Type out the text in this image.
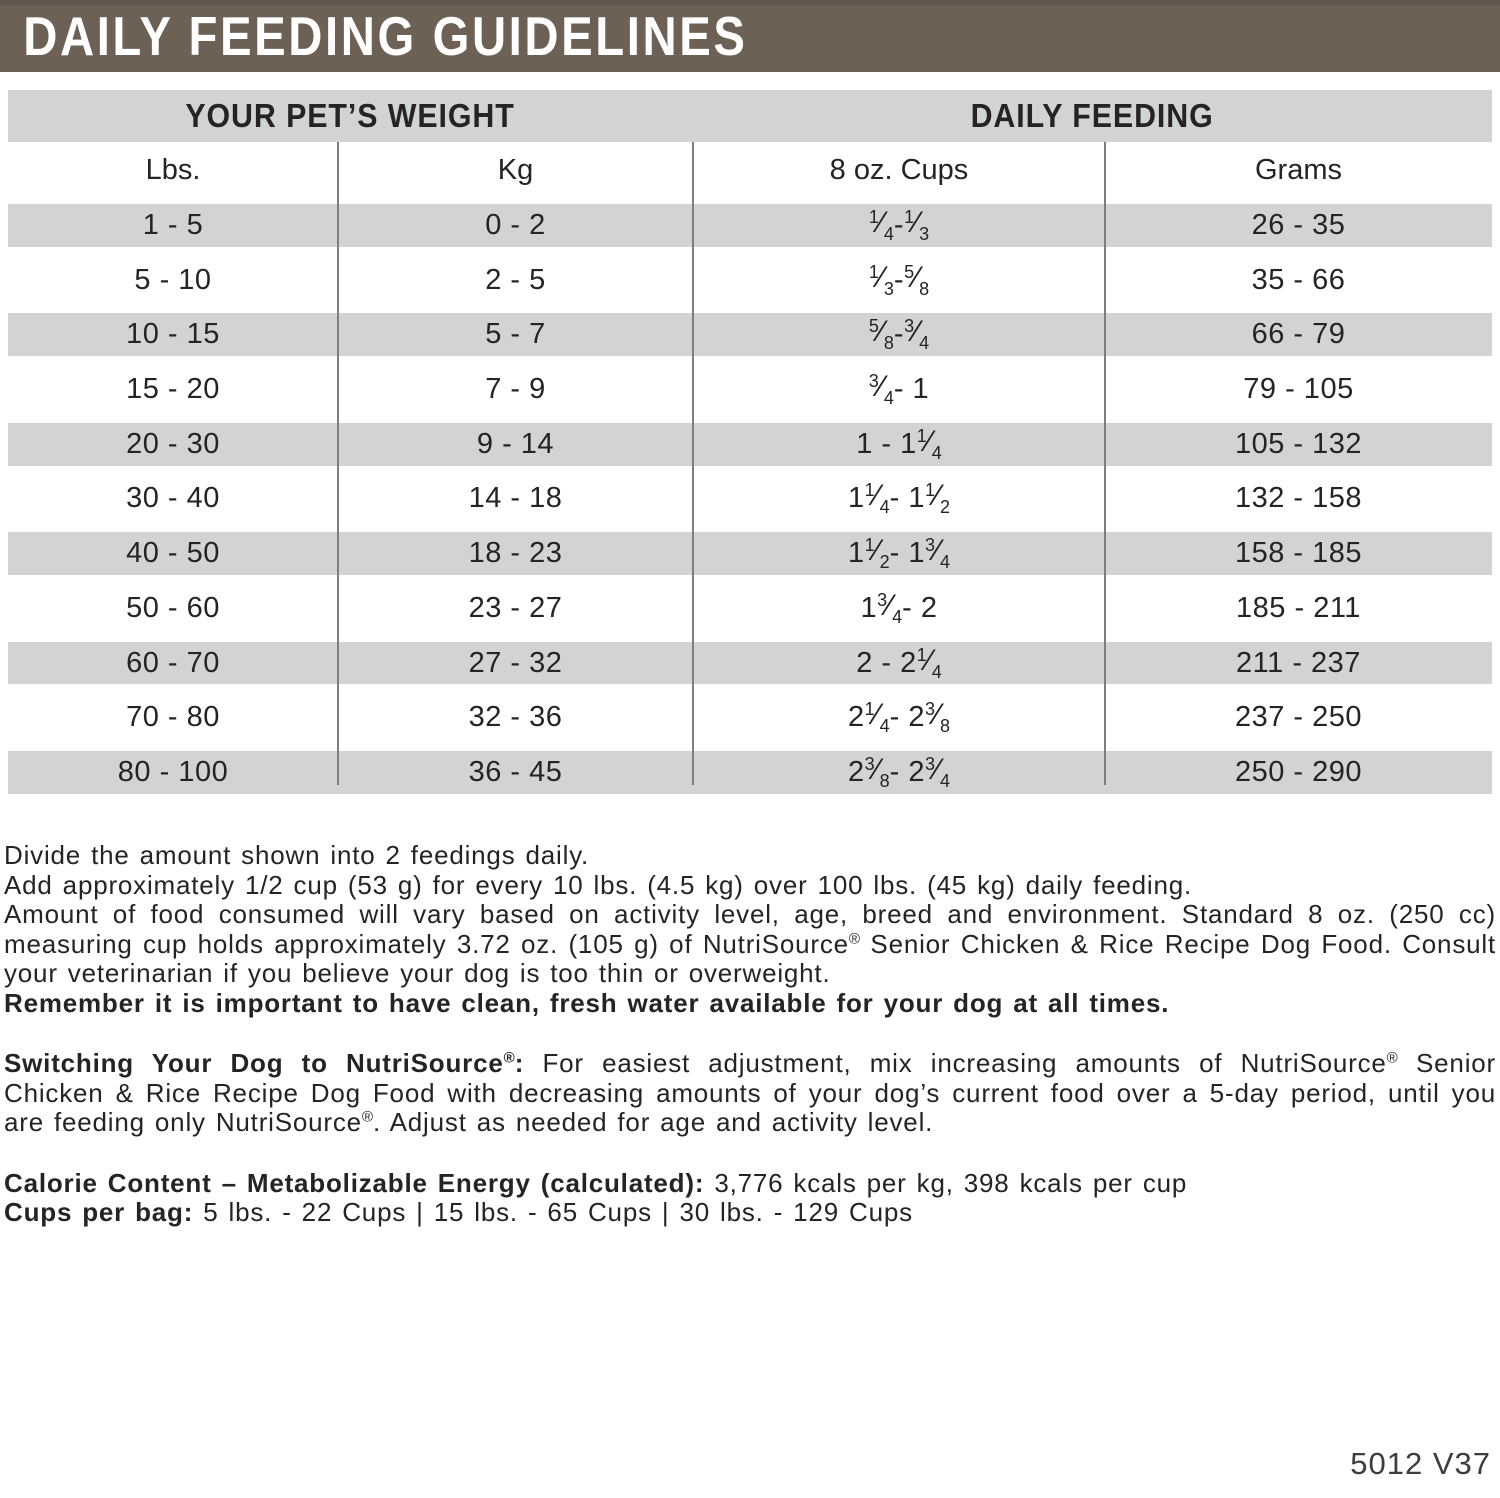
DAILY FEEDING GUIDELINES
YOUR PET’S WEIGHT	DAILY FEEDING
Lbs.	Kg	8 oz. Cups	Grams
1 - 5	0 - 2	$^1⁄_4$ - $^1⁄_3$	26 - 35
5 - 10	2 - 5	$^1⁄_3$ - $^5⁄_8$	35 - 66
10 - 15	5 - 7	$^5⁄_8$ - $^3⁄_4$	66 - 79
15 - 20	7 - 9	$^3⁄_4 - 1$	79 - 105
20 - 30	9 - 14	1 - 1 $^1⁄_4$	105 - 132
30 - 40	14 - 18	1 $^1⁄_4 - 1$ $^1⁄_2$	132 - 158
40 - 50	18 - 23	1 $^1⁄_2 - 1$ $^3⁄_4$	158 - 185
50 - 60	23 - 27	1 $^3⁄_4 - 2$	185 - 211
60 - 70	27 - 32	2 - 2 $^1⁄_4$	211 - 237
70 - 80	32 - 36	2 $^1⁄_4 - 2$ $^3⁄_8$	237 - 250
80 - 100	36 - 45	2 $^3⁄_8 - 2$ $^3⁄_4$	250 - 290

Divide the amount shown into 2 feedings daily.

Add approximately 1/2 cup (53 g) for every 10 lbs. (4.5 kg) over 100 lbs. (45 kg) daily feeding.

Amount of food consumed will vary based on activity level, age, breed and environment. Standard 8 oz. (250 cc) measuring cup holds approximately 3.72 oz. (105 g) of NutriSource® Senior Chicken & Rice Recipe Dog Food. Consult your veterinarian if you believe your dog is too thin or overweight.

Remember it is important to have clean, fresh water available for your dog at all times.

Switching Your Dog to NutriSource®: For easiest adjustment, mix increasing amounts of NutriSource® Senior Chicken & Rice Recipe Dog Food with decreasing amounts of your dog’s current food over a 5-day period, until you are feeding only NutriSource®. Adjust as needed for age and activity level.

Calorie Content – Metabolizable Energy (calculated): 3,776 kcals per kg, 398 kcals per cup

Cups per bag: 5 lbs. - 22 Cups | 15 lbs. - 65 Cups | 30 lbs. - 129 Cups

5012 V37
